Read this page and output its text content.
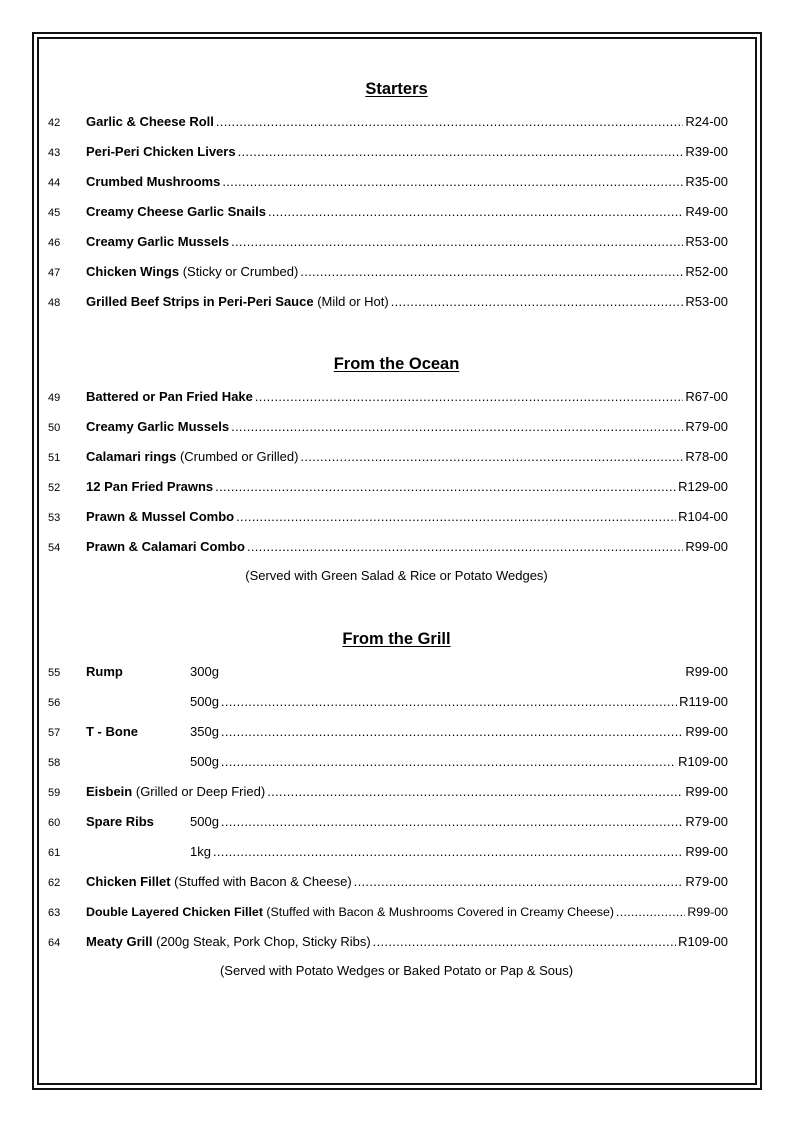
Starters
42 Garlic & Cheese Roll .....	R24-00
43 Peri-Peri Chicken Livers .....	R39-00
44 Crumbed Mushrooms .....	R35-00
45 Creamy Cheese Garlic Snails .....	R49-00
46 Creamy Garlic Mussels .....	R53-00
47 Chicken Wings (Sticky or Crumbed) .....	R52-00
48 Grilled Beef Strips in Peri-Peri Sauce (Mild or Hot) .....	R53-00
From the Ocean
49 Battered or Pan Fried Hake .....	R67-00
50 Creamy Garlic Mussels .....	R79-00
51 Calamari rings (Crumbed or Grilled) .....	R78-00
52 12 Pan Fried Prawns .....	R129-00
53 Prawn & Mussel Combo .....	R104-00
54 Prawn & Calamari Combo .....	R99-00
(Served with Green Salad & Rice or Potato Wedges)
From the Grill
55 Rump	300g	R99-00
56	500g .....	R119-00
57 T - Bone	350g .....	R99-00
58	500g .....	R109-00
59 Eisbein (Grilled or Deep Fried) .....	R99-00
60 Spare Ribs	500g .....	R79-00
61	1kg .....	R99-00
62 Chicken Fillet (Stuffed with Bacon & Cheese) .....	R79-00
63 Double Layered Chicken Fillet (Stuffed with Bacon & Mushrooms Covered in Creamy Cheese) .....	R99-00
64 Meaty Grill (200g Steak, Pork Chop, Sticky Ribs) .....	R109-00
(Served with Potato Wedges or Baked Potato or Pap & Sous)
